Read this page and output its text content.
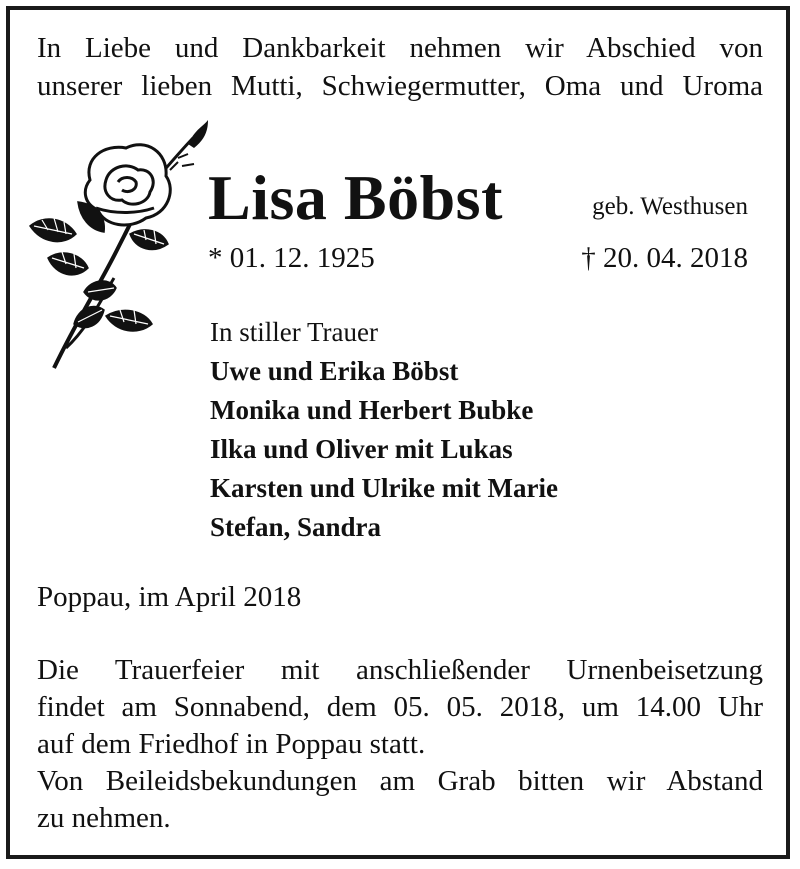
In Liebe und Dankbarkeit nehmen wir Abschied von
unserer lieben Mutti, Schwiegermutter, Oma und Uroma
Lisa Böbst	geb. Westhusen
* 01. 12. 1925	† 20. 04. 2018
In stiller Trauer
Uwe und Erika Böbst
Monika und Herbert Bubke
Ilka und Oliver mit Lukas
Karsten und Ulrike mit Marie
Stefan, Sandra
Poppau, im April 2018
Die Trauerfeier mit anschließender Urnenbeisetzung
findet am Sonnabend, dem 05. 05. 2018, um 14.00 Uhr
auf dem Friedhof in Poppau statt.
Von Beileidsbekundungen am Grab bitten wir Abstand
zu nehmen.
